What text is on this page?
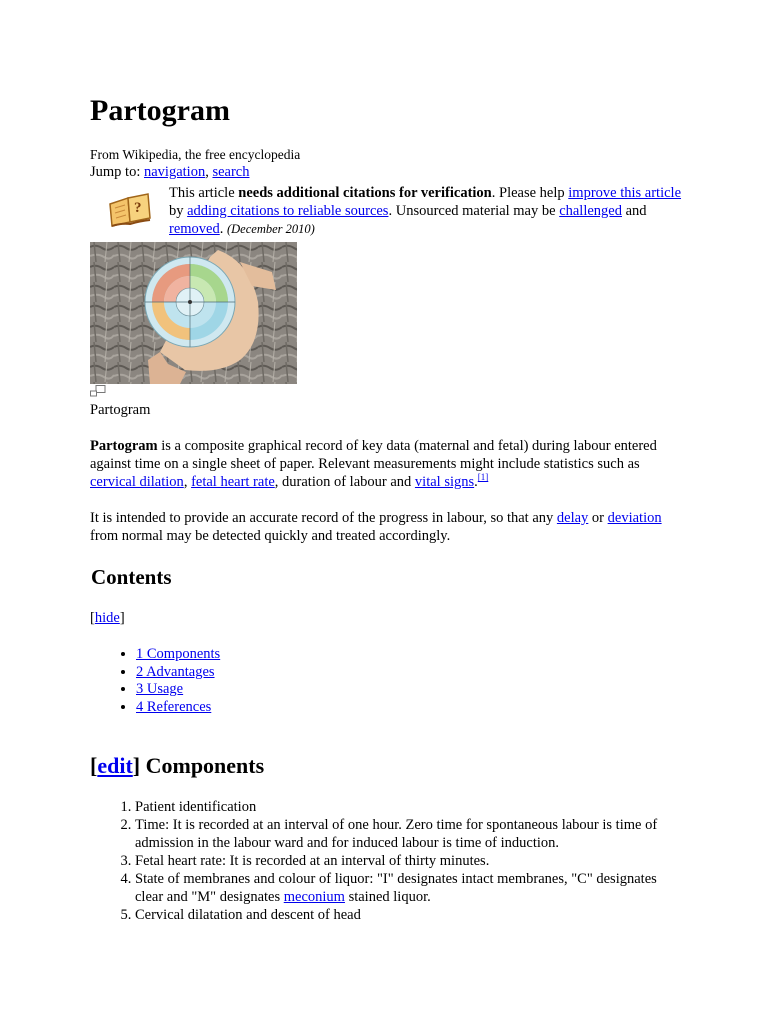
Partogram
From Wikipedia, the free encyclopedia
Jump to: navigation, search
?
This article needs additional citations for verification. Please help improve this article by adding citations to reliable sources. Unsourced material may be challenged and removed. (December 2010)
Partogram

Partogram is a composite graphical record of key data (maternal and fetal) during labour entered against time on a single sheet of paper. Relevant measurements might include statistics such as cervical dilation, fetal heart rate, duration of labour and vital signs.[1]

It is intended to provide an accurate record of the progress in labour, so that any delay or deviation from normal may be detected quickly and treated accordingly.

Contents
[hide]
• 1 Components
• 2 Advantages
• 3 Usage
• 4 References
[edit] Components
1. Patient identification
2. Time: It is recorded at an interval of one hour. Zero time for spontaneous labour is time of admission in the labour ward and for induced labour is time of induction.
3. Fetal heart rate: It is recorded at an interval of thirty minutes.
4. State of membranes and colour of liquor: "I" designates intact membranes, "C" designates clear and "M" designates meconium stained liquor.
5. Cervical dilatation and descent of head
